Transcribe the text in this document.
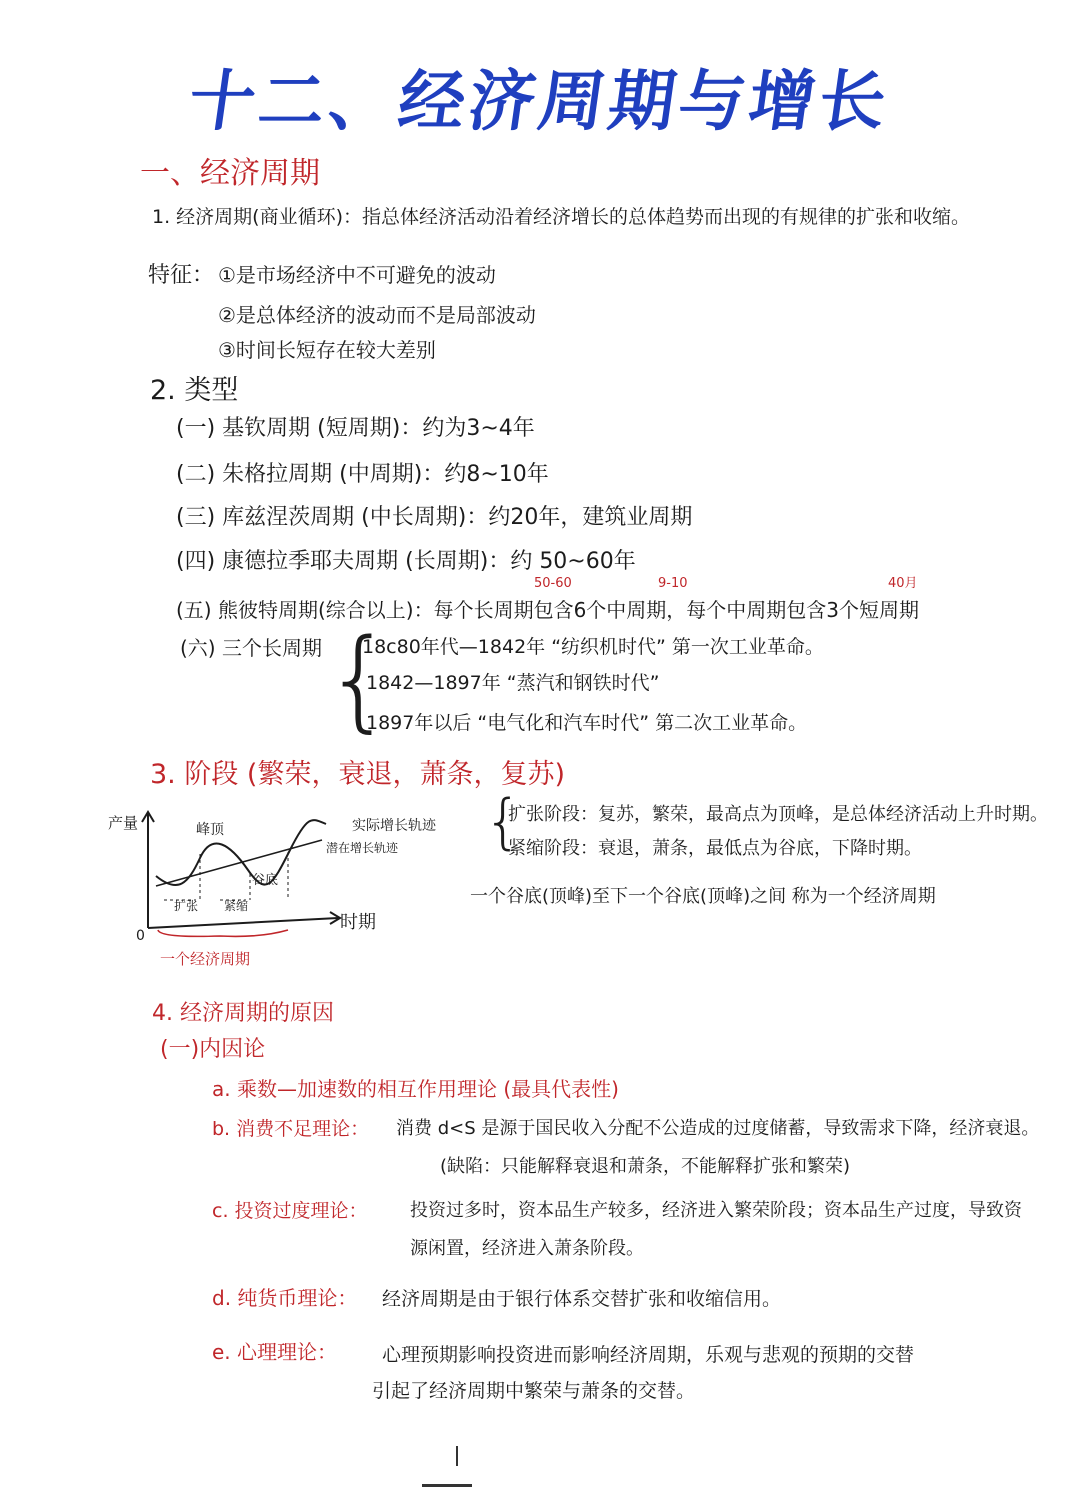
十二、经济周期与增长
一、经济周期
1. 经济周期(商业循环)：指总体经济活动沿着经济增长的总体趋势而出现的有规律的扩张和收缩。
特征： ①是市场经济中不可避免的波动
②是总体经济的波动而不是局部波动
③时间长短存在较大差别
2. 类型
(一) 基钦周期 (短周期)：约为3~4年
(二) 朱格拉周期 (中周期)：约8~10年
(三) 库兹涅茨周期 (中长周期)：约20年，建筑业周期
(四) 康德拉季耶夫周期 (长周期)：约 50~60年
50-60	9-10	40月
(五) 熊彼特周期(综合以上)：每个长周期包含6个中周期，每个中周期包含3个短周期
(六) 三个长周期 {
18c80年代—1842年 “纺织机时代” 第一次工业革命。
1842—1897年 “蒸汽和钢铁时代”
1897年以后 “电气化和汽车时代” 第二次工业革命。
3. 阶段 (繁荣，衰退，萧条，复苏)
产量
时期
0
峰顶
谷底
实际增长轨迹
潜在增长轨迹
扩张 紧缩
一个经济周期
{
扩张阶段：复苏，繁荣，最高点为顶峰，是总体经济活动上升时期。
紧缩阶段：衰退，萧条，最低点为谷底，下降时期。
一个谷底(顶峰)至下一个谷底(顶峰)之间 称为一个经济周期
4. 经济周期的原因
(一)内因论
a. 乘数—加速数的相互作用理论 (最具代表性)
b. 消费不足理论： 消费 d<S 是源于国民收入分配不公造成的过度储蓄，导致需求下降，经济衰退。
(缺陷：只能解释衰退和萧条，不能解释扩张和繁荣)
c. 投资过度理论： 投资过多时，资本品生产较多，经济进入繁荣阶段；资本品生产过度，导致资
源闲置，经济进入萧条阶段。
d. 纯货币理论： 经济周期是由于银行体系交替扩张和收缩信用。
e. 心理理论： 心理预期影响投资进而影响经济周期，乐观与悲观的预期的交替
引起了经济周期中繁荣与萧条的交替。
